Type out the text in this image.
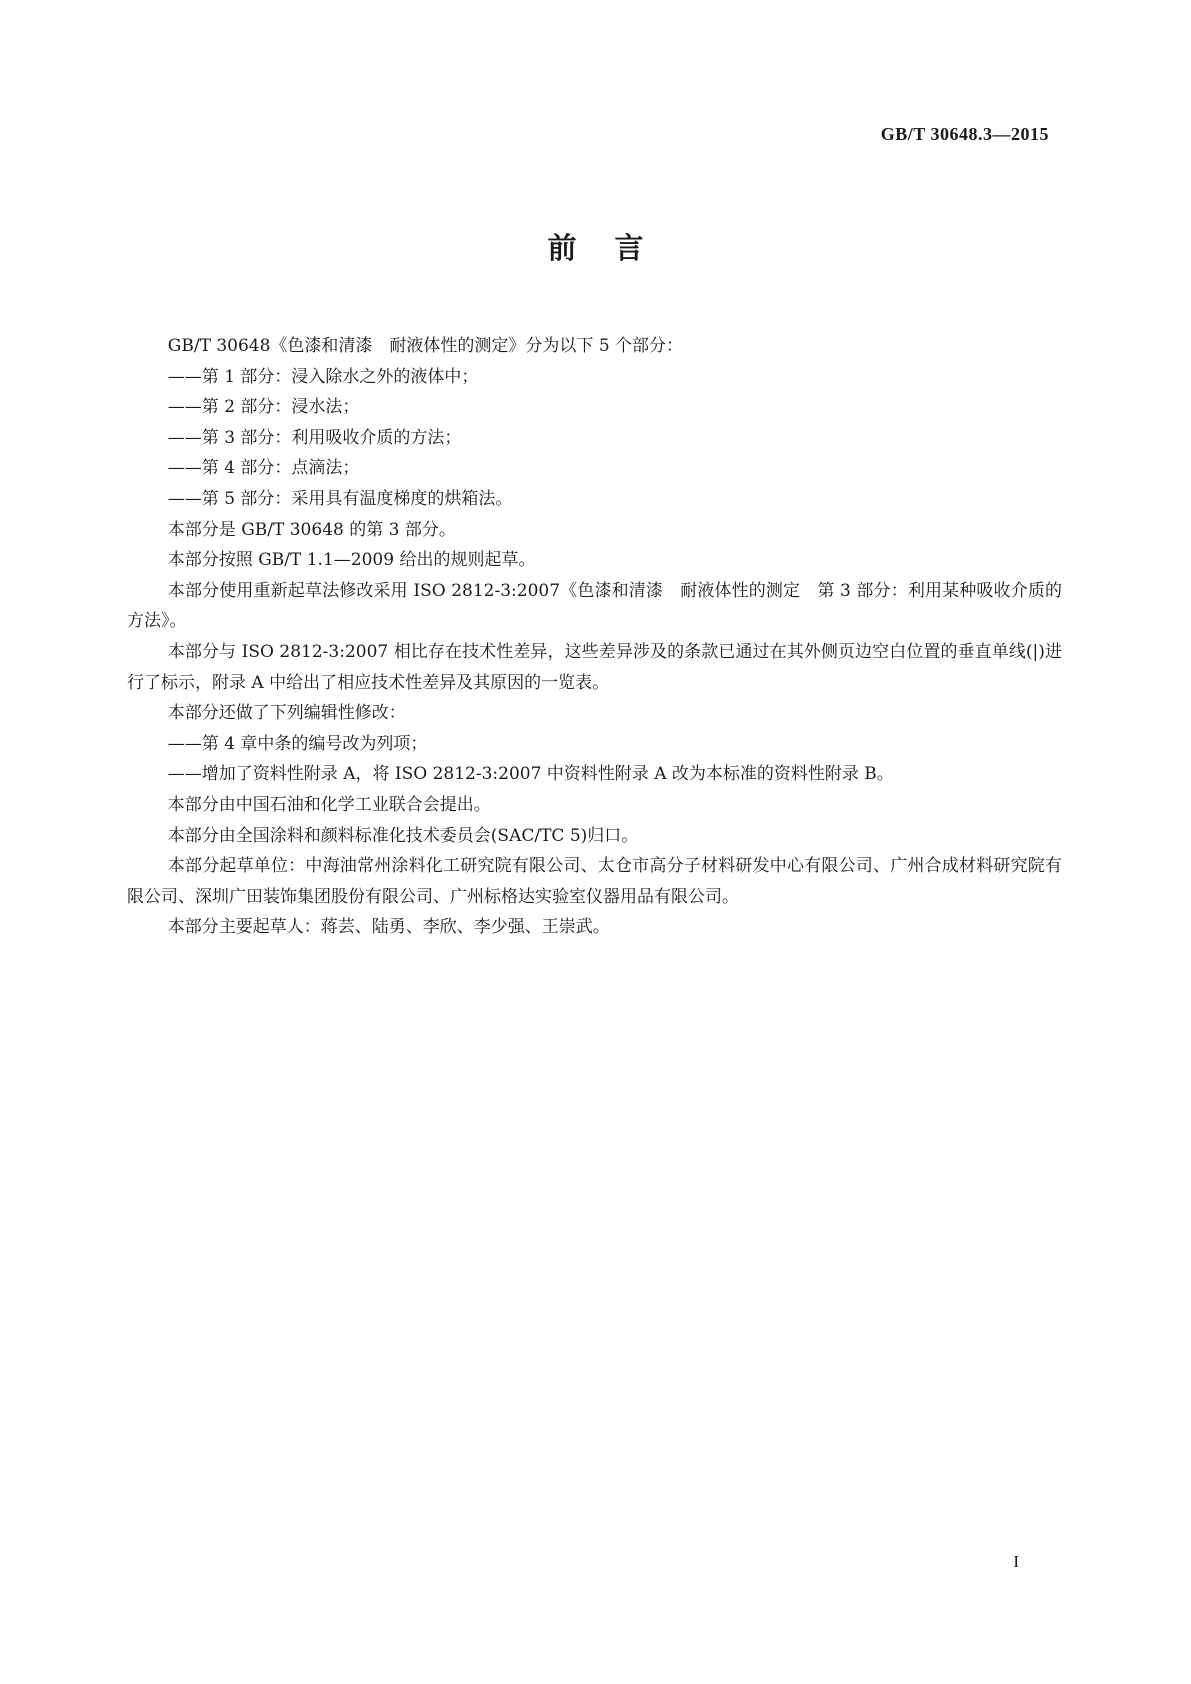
GB/T 30648.3—2015
前言

GB/T 30648《色漆和清漆　耐液体性的测定》分为以下 5 个部分：

——第 1 部分：浸入除水之外的液体中；

——第 2 部分：浸水法；

——第 3 部分：利用吸收介质的方法；

——第 4 部分：点滴法；

——第 5 部分：采用具有温度梯度的烘箱法。

本部分是 GB/T 30648 的第 3 部分。

本部分按照 GB/T 1.1—2009 给出的规则起草。

本部分使用重新起草法修改采用 ISO 2812-3:2007《色漆和清漆　耐液体性的测定　第 3 部分：利用某种吸收介质的方法》。

本部分与 ISO 2812-3:2007 相比存在技术性差异，这些差异涉及的条款已通过在其外侧页边空白位置的垂直单线(|)进行了标示，附录 A 中给出了相应技术性差异及其原因的一览表。

本部分还做了下列编辑性修改：

——第 4 章中条的编号改为列项；

——增加了资料性附录 A，将 ISO 2812-3:2007 中资料性附录 A 改为本标准的资料性附录 B。

本部分由中国石油和化学工业联合会提出。

本部分由全国涂料和颜料标准化技术委员会(SAC/TC 5)归口。

本部分起草单位：中海油常州涂料化工研究院有限公司、太仓市高分子材料研发中心有限公司、广州合成材料研究院有限公司、深圳广田装饰集团股份有限公司、广州标格达实验室仪器用品有限公司。

本部分主要起草人：蒋芸、陆勇、李欣、李少强、王崇武。

I
